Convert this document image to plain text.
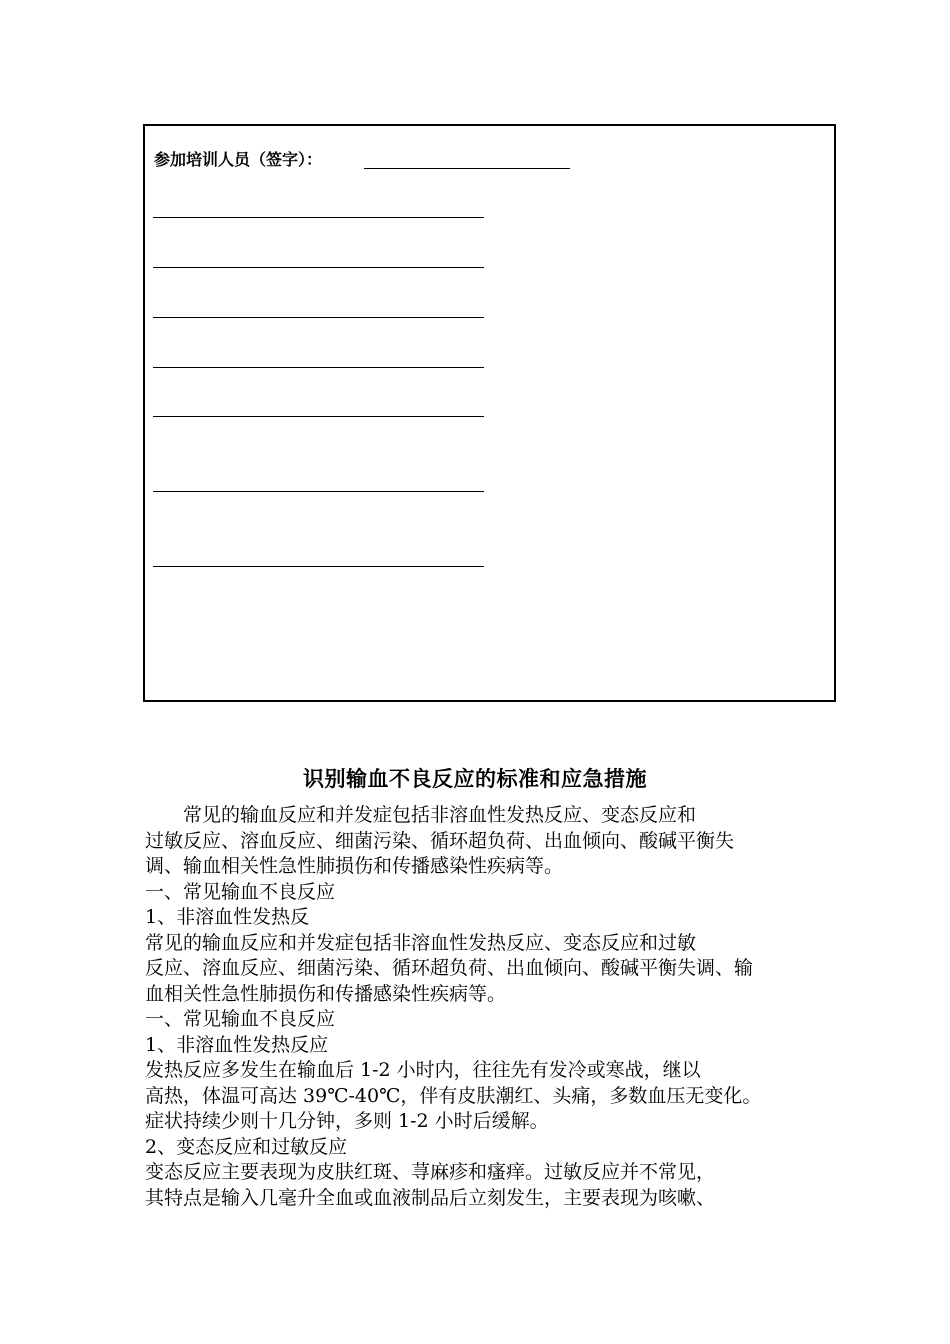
参加培训人员（签字）：
识别输血不良反应的标准和应急措施
　　常见的输血反应和并发症包括非溶血性发热反应、变态反应和
过敏反应、溶血反应、细菌污染、循环超负荷、出血倾向、酸碱平衡失
调、输血相关性急性肺损伤和传播感染性疾病等。
一、常见输血不良反应
1、非溶血性发热反
常见的输血反应和并发症包括非溶血性发热反应、变态反应和过敏
反应、溶血反应、细菌污染、循环超负荷、出血倾向、酸碱平衡失调、输
血相关性急性肺损伤和传播感染性疾病等。
一、常见输血不良反应
1、非溶血性发热反应
发热反应多发生在输血后 1-2 小时内，往往先有发冷或寒战，继以
高热，体温可高达 39℃-40℃，伴有皮肤潮红、头痛，多数血压无变化。
症状持续少则十几分钟，多则 1-2 小时后缓解。
2、变态反应和过敏反应
变态反应主要表现为皮肤红斑、荨麻疹和瘙痒。过敏反应并不常见，
其特点是输入几毫升全血或血液制品后立刻发生，主要表现为咳嗽、
